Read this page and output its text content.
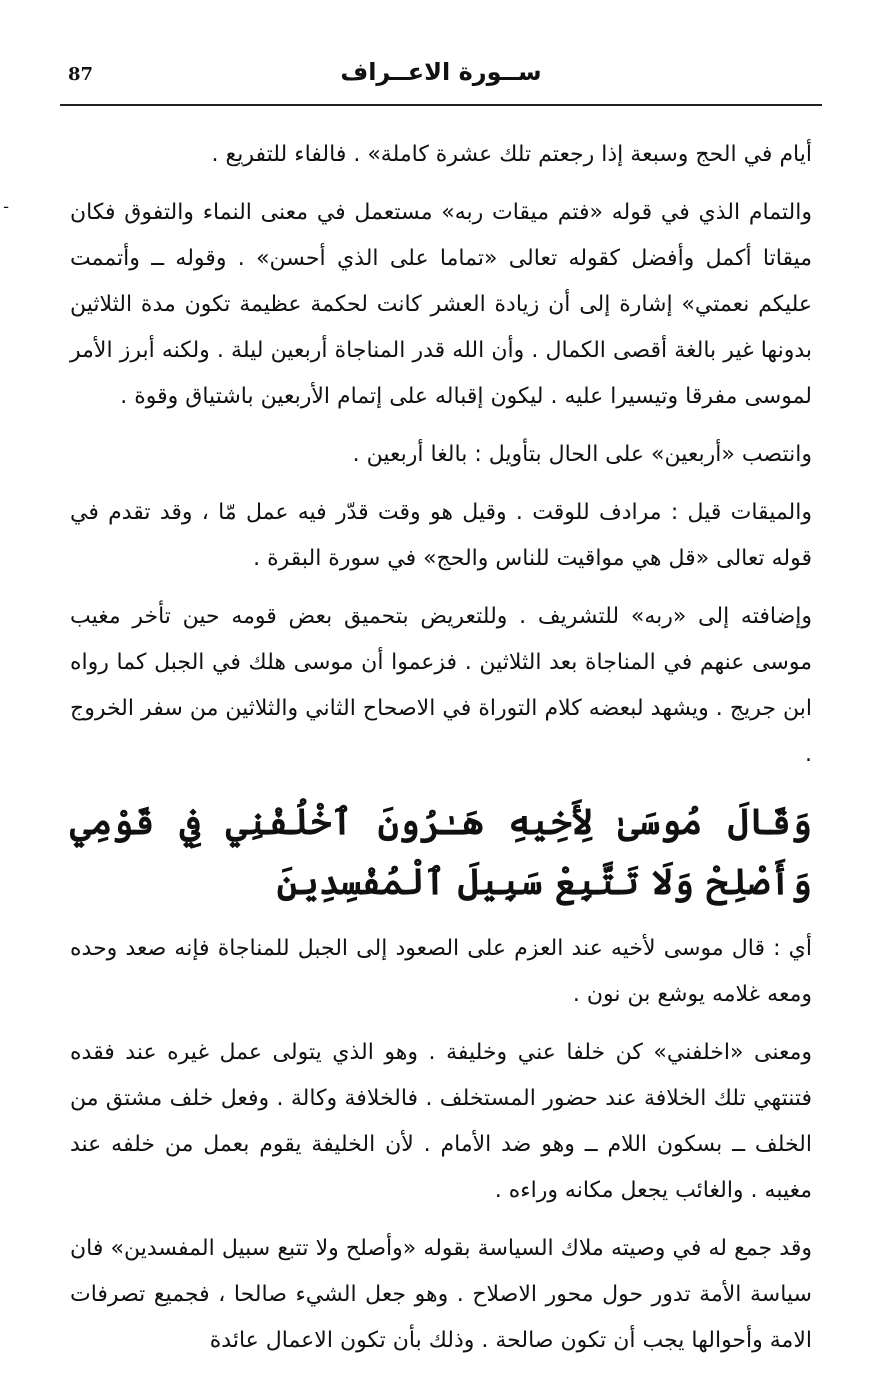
87	ســورة الاعــراف
ـ

أيام في الحج وسبعة إذا رجعتم تلك عشرة كاملة» . فالفاء للتفريع .

والتمام الذي في قوله «فتم ميقات ربه» مستعمل في معنى النماء والتفوق فكان ميقاتا أكمل وأفضل كقوله تعالى «تماما على الذي أحسن» . وقوله ــ وأتممت عليكم نعمتي» إشارة إلى أن زيادة العشر كانت لحكمة عظيمة تكون مدة الثلاثين بدونها غير بالغة أقصى الكمال . وأن الله قدر المناجاة أربعين ليلة . ولكنه أبرز الأمر لموسى مفرقا وتيسيرا عليه . ليكون إقباله على إتمام الأربعين باشتياق وقوة .

وانتصب «أربعين» على الحال بتأويل : بالغا أربعين .

والميقات قيل : مرادف للوقت . وقيل هو وقت قدّر فيه عمل مّا ، وقد تقدم في قوله تعالى «قل هي مواقيت للناس والحج» في سورة البقرة .

وإضافته إلى «ربه» للتشريف . وللتعريض بتحميق بعض قومه حين تأخر مغيب موسى عنهم في المناجاة بعد الثلاثين . فزعموا أن موسى هلك في الجبل كما رواه ابن جريج . ويشهد لبعضه كلام التوراة في الاصحاح الثاني والثلاثين من سفر الخروج .

وَقَالَ مُوسَىٰ لِأَخِيهِ هَـٰرُونَ ٱخْلُفْنِي فِي قَوْمِي وَأَصْلِحْ وَلَا تَتَّبِعْ سَبِيلَ ٱلْمُفْسِدِينَ

أي : قال موسى لأخيه عند العزم على الصعود إلى الجبل للمناجاة فإنه صعد وحده ومعه غلامه يوشع بن نون .

ومعنى «اخلفني» كن خلفا عني وخليفة . وهو الذي يتولى عمل غيره عند فقده فتنتهي تلك الخلافة عند حضور المستخلف . فالخلافة وكالة . وفعل خلف مشتق من الخلف ــ بسكون اللام ــ وهو ضد الأمام . لأن الخليفة يقوم بعمل من خلفه عند مغيبه . والغائب يجعل مكانه وراءه .

وقد جمع له في وصيته ملاك السياسة بقوله «وأصلح ولا تتبع سبيل المفسدين» فان سياسة الأمة تدور حول محور الاصلاح . وهو جعل الشيء صالحا ، فجميع تصرفات الامة وأحوالها يجب أن تكون صالحة . وذلك بأن تكون الاعمال عائدة
